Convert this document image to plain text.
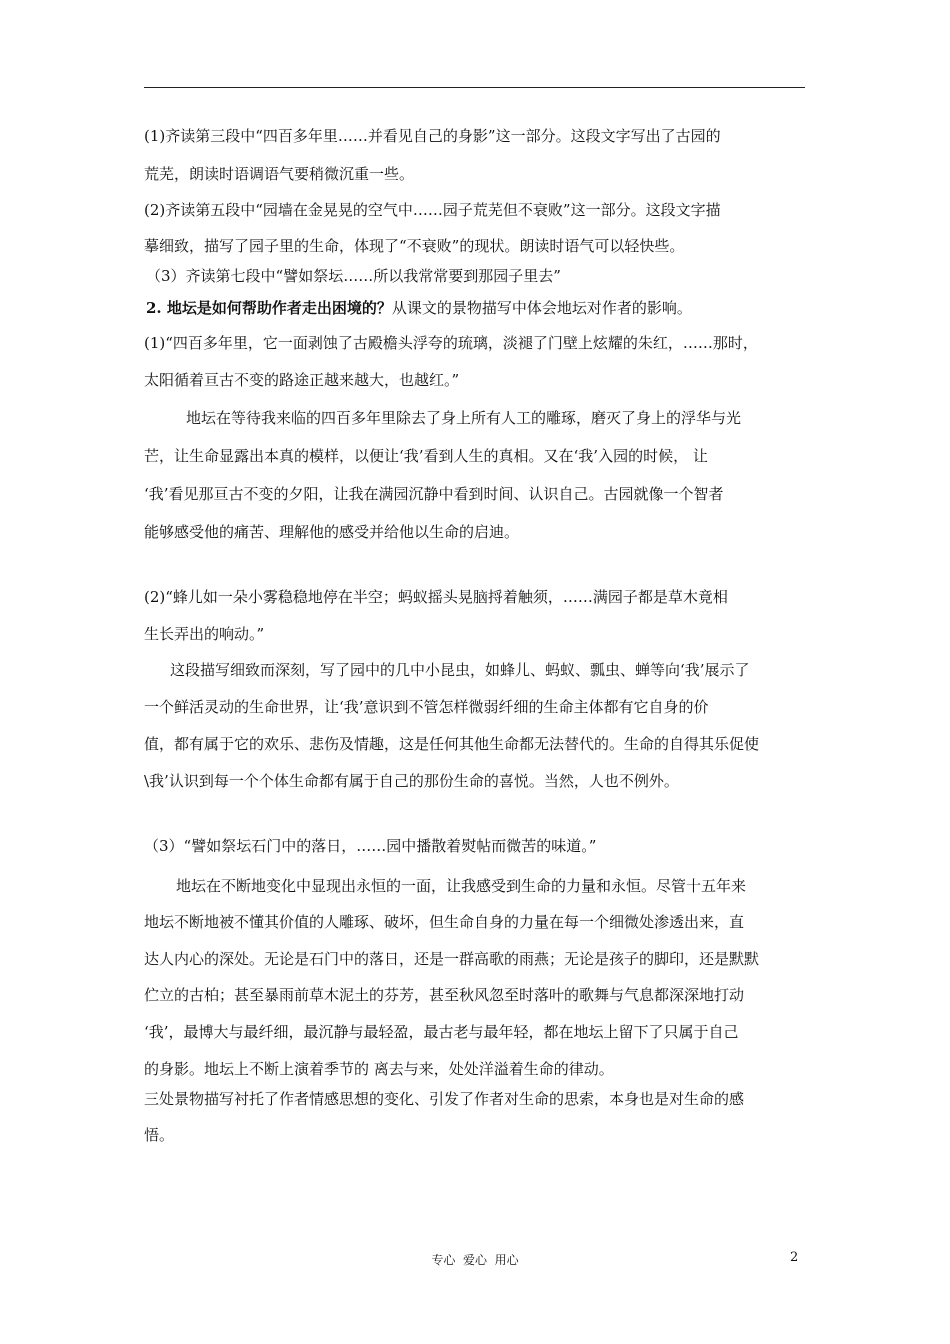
(1)齐读第三段中“四百多年里……并看见自己的身影”这一部分。这段文字写出了古园的
荒芜，朗读时语调语气要稍微沉重一些。
(2)齐读第五段中“园墙在金晃晃的空气中……园子荒芜但不衰败”这一部分。这段文字描
摹细致，描写了园子里的生命，体现了“不衰败”的现状。朗读时语气可以轻快些。
（3）齐读第七段中“譬如祭坛……所以我常常要到那园子里去”
2. 地坛是如何帮助作者走出困境的？从课文的景物描写中体会地坛对作者的影响。
(1)“四百多年里，它一面剥蚀了古殿檐头浮夸的琉璃，淡褪了门壁上炫耀的朱红，……那时，
太阳循着亘古不变的路途正越来越大，也越红。”
地坛在等待我来临的四百多年里除去了身上所有人工的雕琢，磨灭了身上的浮华与光
芒，让生命显露出本真的模样，以便让‘我’看到人生的真相。又在‘我’入园的时候， 让
‘我’看见那亘古不变的夕阳，让我在满园沉静中看到时间、认识自己。古园就像一个智者
能够感受他的痛苦、理解他的感受并给他以生命的启迪。
(2)“蜂儿如一朵小雾稳稳地停在半空；蚂蚁摇头晃脑捋着触须，……满园子都是草木竟相
生长弄出的响动。”
这段描写细致而深刻，写了园中的几中小昆虫，如蜂儿、蚂蚁、瓢虫、蝉等向‘我’展示了
一个鲜活灵动的生命世界，让‘我’意识到不管怎样微弱纤细的生命主体都有它自身的价
值，都有属于它的欢乐、悲伤及情趣，这是任何其他生命都无法替代的。生命的自得其乐促使
\我’认识到每一个个体生命都有属于自己的那份生命的喜悦。当然，人也不例外。
（3）“譬如祭坛石门中的落日，……园中播散着熨帖而微苦的味道。”
地坛在不断地变化中显现出永恒的一面，让我感受到生命的力量和永恒。尽管十五年来
地坛不断地被不懂其价值的人雕琢、破坏，但生命自身的力量在每一个细微处渗透出来，直
达人内心的深处。无论是石门中的落日，还是一群高歌的雨燕；无论是孩子的脚印，还是默默
伫立的古柏；甚至暴雨前草木泥土的芬芳，甚至秋风忽至时落叶的歌舞与气息都深深地打动
‘我’，最博大与最纤细，最沉静与最轻盈，最古老与最年轻，都在地坛上留下了只属于自己
的身影。地坛上不断上演着季节的 离去与来，处处洋溢着生命的律动。
三处景物描写衬托了作者情感思想的变化、引发了作者对生命的思索，本身也是对生命的感
悟。
专心  爱心  用心	2
